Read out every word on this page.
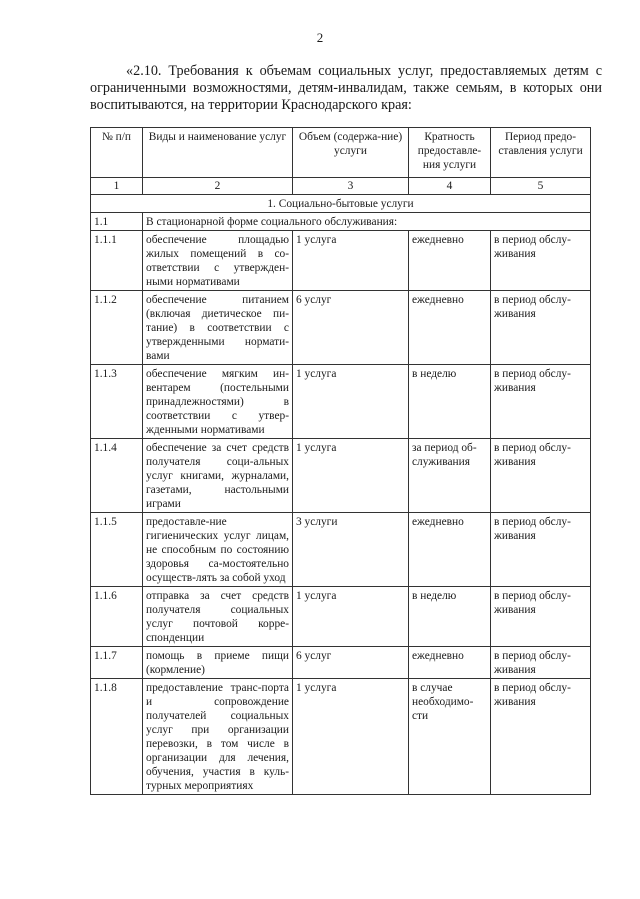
2

«2.10. Требования к объемам социальных услуг, предоставляемых детям с ограниченными возможностями, детям-инвалидам, также семьям, в которых они воспитываются, на территории Краснодарского края:

№ п/п	Виды и наименование услуг	Объем (содержа-ние) услуги	Кратность предоставле-ния услуги	Период предо-ставления услуги
1	2	3	4	5
1. Социально-бытовые услуги				
1.1	В стационарной форме социального обслуживания:			
1.1.1	обеспечение площадью жилых помещений в со-ответствии с утвержден-ными нормативами	1 услуга	ежедневно	в период обслу-живания
1.1.2	обеспечение питанием (включая диетическое пи-тание) в соответствии с утвержденными нормати-вами	6 услуг	ежедневно	в период обслу-живания
1.1.3	обеспечение мягким ин-вентарем (постельными принадлежностями) в соответствии с утвер-жденными нормативами	1 услуга	в неделю	в период обслу-живания
1.1.4	обеспечение за счет средств получателя соци-альных услуг книгами, журналами, газетами, настольными играми	1 услуга	за период об-служивания	в период обслу-живания
1.1.5	предоставле-ние гигиенических услуг лицам, не способным по состоянию здоровья са-мостоятельно осуществ-лять за собой уход	3 услуги	ежедневно	в период обслу-живания
1.1.6	отправка за счет средств получателя социальных услуг почтовой корре-спонденции	1 услуга	в неделю	в период обслу-живания
1.1.7	помощь в приеме пищи (кормление)	6 услуг	ежедневно	в период обслу-живания
1.1.8	предоставление транс-порта и сопровождение получателей социальных услуг при организации перевозки, в том числе в организации для лечения, обучения, участия в куль-турных мероприятиях	1 услуга	в случае необходимо-сти	в период обслу-живания
